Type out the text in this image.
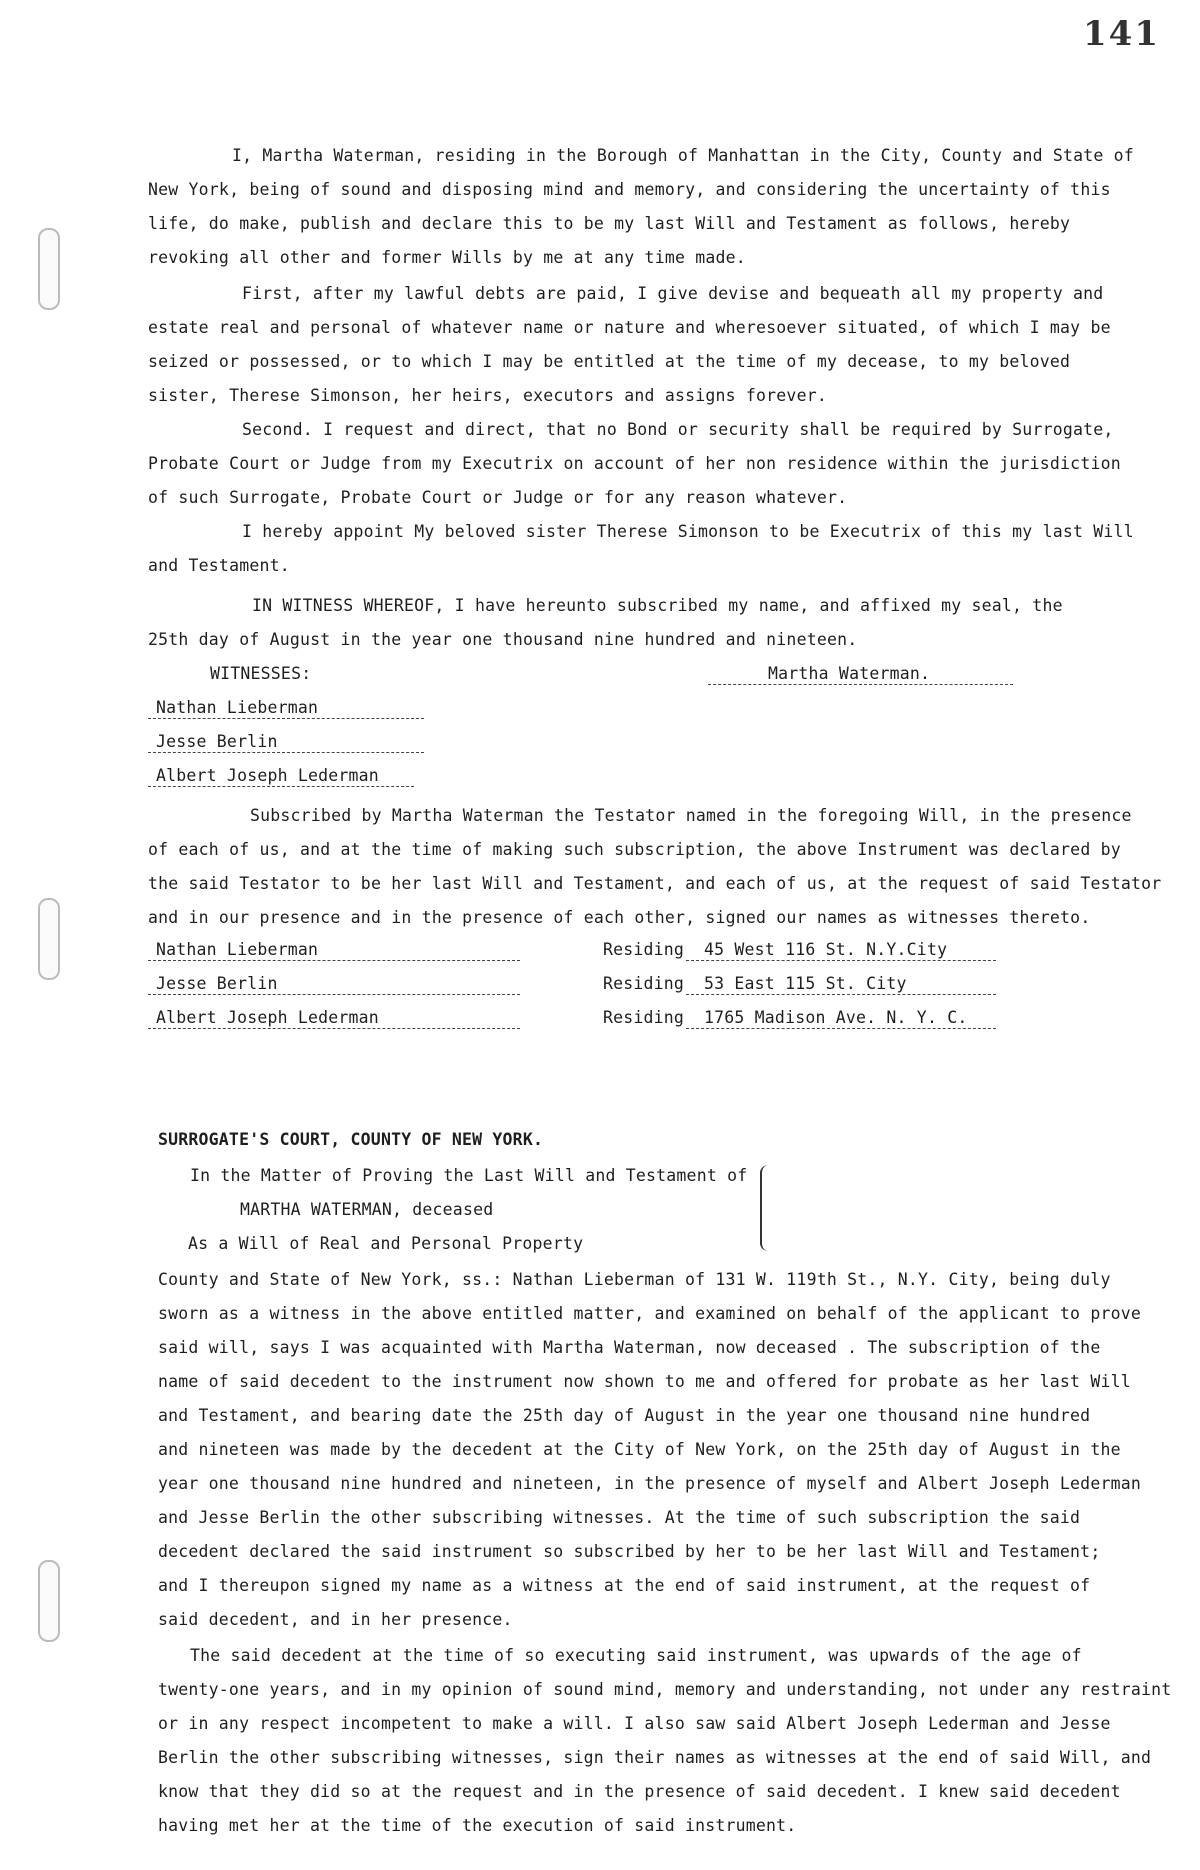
141
I, Martha Waterman, residing in the Borough of Manhattan in the City, County and State of
New York, being of sound and disposing mind and memory, and considering the uncertainty of this
life, do make, publish and declare this to be my last Will and Testament as follows, hereby
revoking all other and former Wills by me at any time made.
First, after my lawful debts are paid, I give devise and bequeath all my property and
estate real and personal of whatever name or nature and wheresoever situated, of which I may be
seized or possessed, or to which I may be entitled at the time of my decease, to my beloved
sister, Therese Simonson, her heirs, executors and assigns forever.
Second. I request and direct, that no Bond or security shall be required by Surrogate,
Probate Court or Judge from my Executrix on account of her non residence within the jurisdiction
of such Surrogate, Probate Court or Judge or for any reason whatever.
I hereby appoint My beloved sister Therese Simonson to be Executrix of this my last Will
and Testament.
IN WITNESS WHEREOF, I have hereunto subscribed my name, and affixed my seal, the
25th day of August in the year one thousand nine hundred and nineteen.
WITNESSES:	Martha Waterman.
Nathan Lieberman
Jesse Berlin
Albert Joseph Lederman
Subscribed by Martha Waterman the Testator named in the foregoing Will, in the presence
of each of us, and at the time of making such subscription, the above Instrument was declared by
the said Testator to be her last Will and Testament, and each of us, at the request of said Testator
and in our presence and in the presence of each other, signed our names as witnesses thereto.
Nathan Lieberman	Residing 45 West 116 St. N.Y.City
Jesse Berlin	Residing 53 East 115 St. City
Albert Joseph Lederman	Residing 1765 Madison Ave. N. Y. C.
SURROGATE'S COURT, COUNTY OF NEW YORK.
In the Matter of Proving the Last Will and Testament of
MARTHA WATERMAN, deceased
As a Will of Real and Personal Property
County and State of New York, ss.: Nathan Lieberman of 131 W. 119th St., N.Y. City, being duly
sworn as a witness in the above entitled matter, and examined on behalf of the applicant to prove
said will, says I was acquainted with Martha Waterman, now deceased . The subscription of the
name of said decedent to the instrument now shown to me and offered for probate as her last Will
and Testament, and bearing date the 25th day of August in the year one thousand nine hundred
and nineteen was made by the decedent at the City of New York, on the 25th day of August in the
year one thousand nine hundred and nineteen, in the presence of myself and Albert Joseph Lederman
and Jesse Berlin the other subscribing witnesses. At the time of such subscription the said
decedent declared the said instrument so subscribed by her to be her last Will and Testament;
and I thereupon signed my name as a witness at the end of said instrument, at the request of
said decedent, and in her presence.
The said decedent at the time of so executing said instrument, was upwards of the age of
twenty-one years, and in my opinion of sound mind, memory and understanding, not under any restraint
or in any respect incompetent to make a will. I also saw said Albert Joseph Lederman and Jesse
Berlin the other subscribing witnesses, sign their names as witnesses at the end of said Will, and
know that they did so at the request and in the presence of said decedent. I knew said decedent
having met her at the time of the execution of said instrument.
